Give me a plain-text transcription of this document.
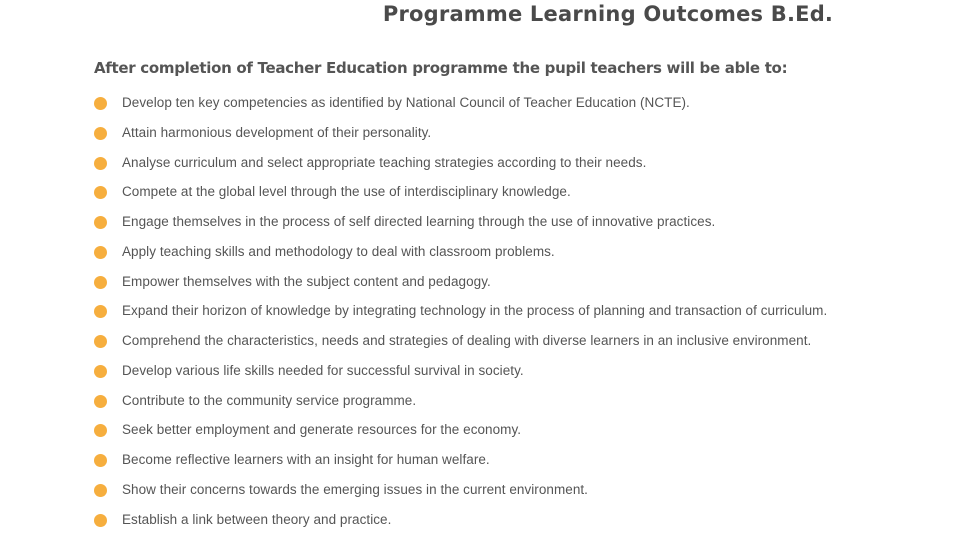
Programme Learning Outcomes B.Ed.

After completion of Teacher Education programme the pupil teachers will be able to:

Develop ten key competencies as identified by National Council of Teacher Education (NCTE).
Attain harmonious development of their personality.
Analyse curriculum and select appropriate teaching strategies according to their needs.
Compete at the global level through the use of interdisciplinary knowledge.
Engage themselves in the process of self directed learning through the use of innovative practices.
Apply teaching skills and methodology to deal with classroom problems.
Empower themselves with the subject content and pedagogy.
Expand their horizon of knowledge by integrating technology in the process of planning and transaction of curriculum.
Comprehend the characteristics, needs and strategies of dealing with diverse learners in an inclusive environment.
Develop various life skills needed for successful survival in society.
Contribute to the community service programme.
Seek better employment and generate resources for the economy.
Become reflective learners with an insight for human welfare.
Show their concerns towards the emerging issues in the current environment.
Establish a link between theory and practice.
